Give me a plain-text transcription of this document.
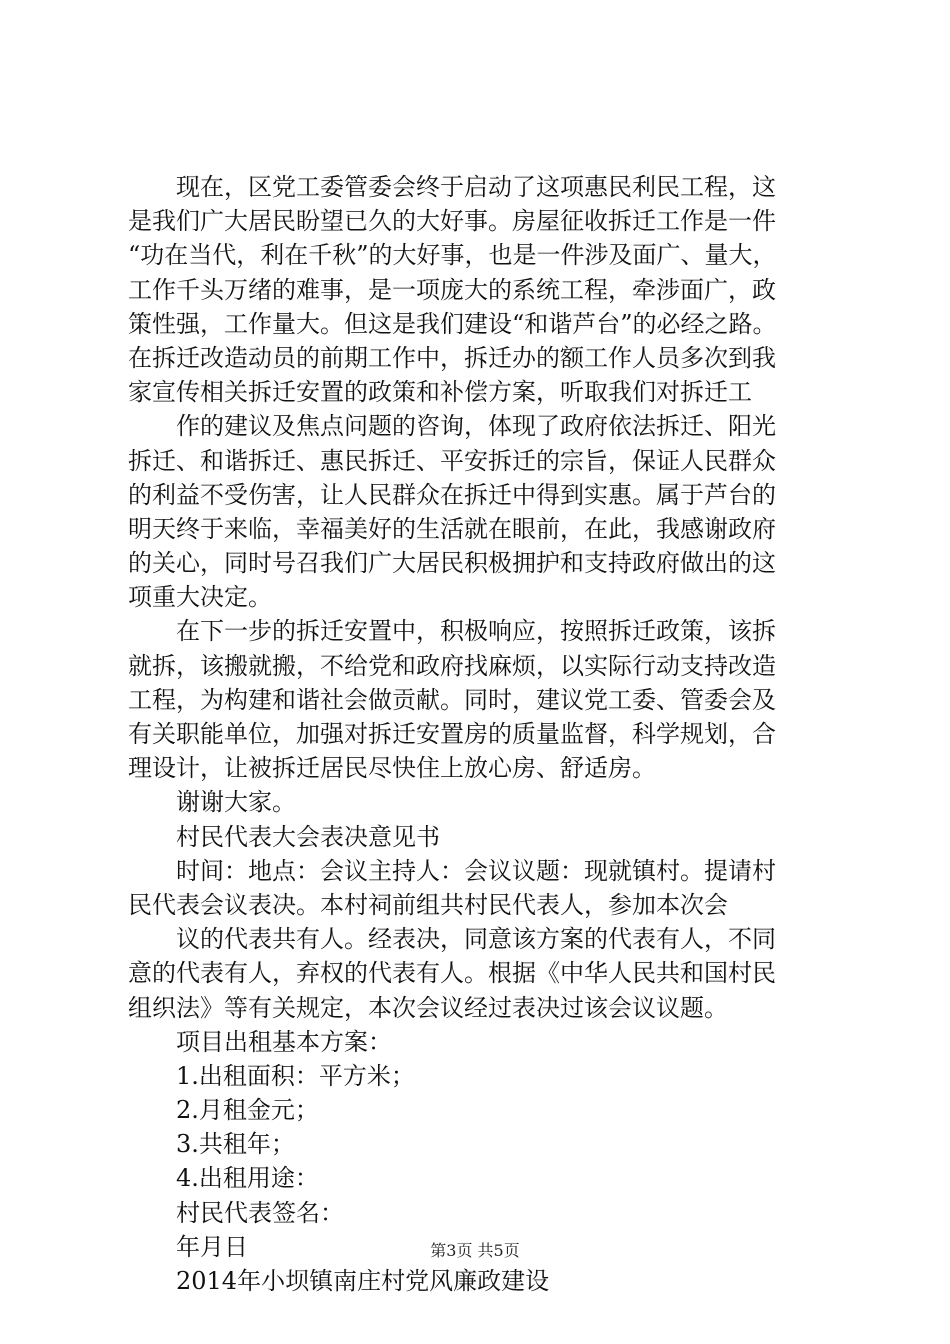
现在，区党工委管委会终于启动了这项惠民利民工程，这
是我们广大居民盼望已久的大好事。房屋征收拆迁工作是一件
“功在当代，利在千秋”的大好事，也是一件涉及面广、量大，
工作千头万绪的难事，是一项庞大的系统工程，牵涉面广，政
策性强，工作量大。但这是我们建设“和谐芦台”的必经之路。
在拆迁改造动员的前期工作中，拆迁办的额工作人员多次到我
家宣传相关拆迁安置的政策和补偿方案，听取我们对拆迁工
作的建议及焦点问题的咨询，体现了政府依法拆迁、阳光
拆迁、和谐拆迁、惠民拆迁、平安拆迁的宗旨，保证人民群众
的利益不受伤害，让人民群众在拆迁中得到实惠。属于芦台的
明天终于来临，幸福美好的生活就在眼前，在此，我感谢政府
的关心，同时号召我们广大居民积极拥护和支持政府做出的这
项重大决定。
在下一步的拆迁安置中，积极响应，按照拆迁政策，该拆
就拆，该搬就搬，不给党和政府找麻烦，以实际行动支持改造
工程，为构建和谐社会做贡献。同时，建议党工委、管委会及
有关职能单位，加强对拆迁安置房的质量监督，科学规划，合
理设计，让被拆迁居民尽快住上放心房、舒适房。
谢谢大家。
村民代表大会表决意见书
时间：地点：会议主持人：会议议题：现就镇村。提请村
民代表会议表决。本村祠前组共村民代表人，参加本次会
议的代表共有人。经表决，同意该方案的代表有人，不同
意的代表有人，弃权的代表有人。根据《中华人民共和国村民
组织法》等有关规定，本次会议经过表决过该会议议题。
项目出租基本方案：
1.出租面积：平方米；
2.月租金元；
3.共租年；
4.出租用途：
村民代表签名：
年月日
2014年小坝镇南庄村党风廉政建设
第3页 共5页
